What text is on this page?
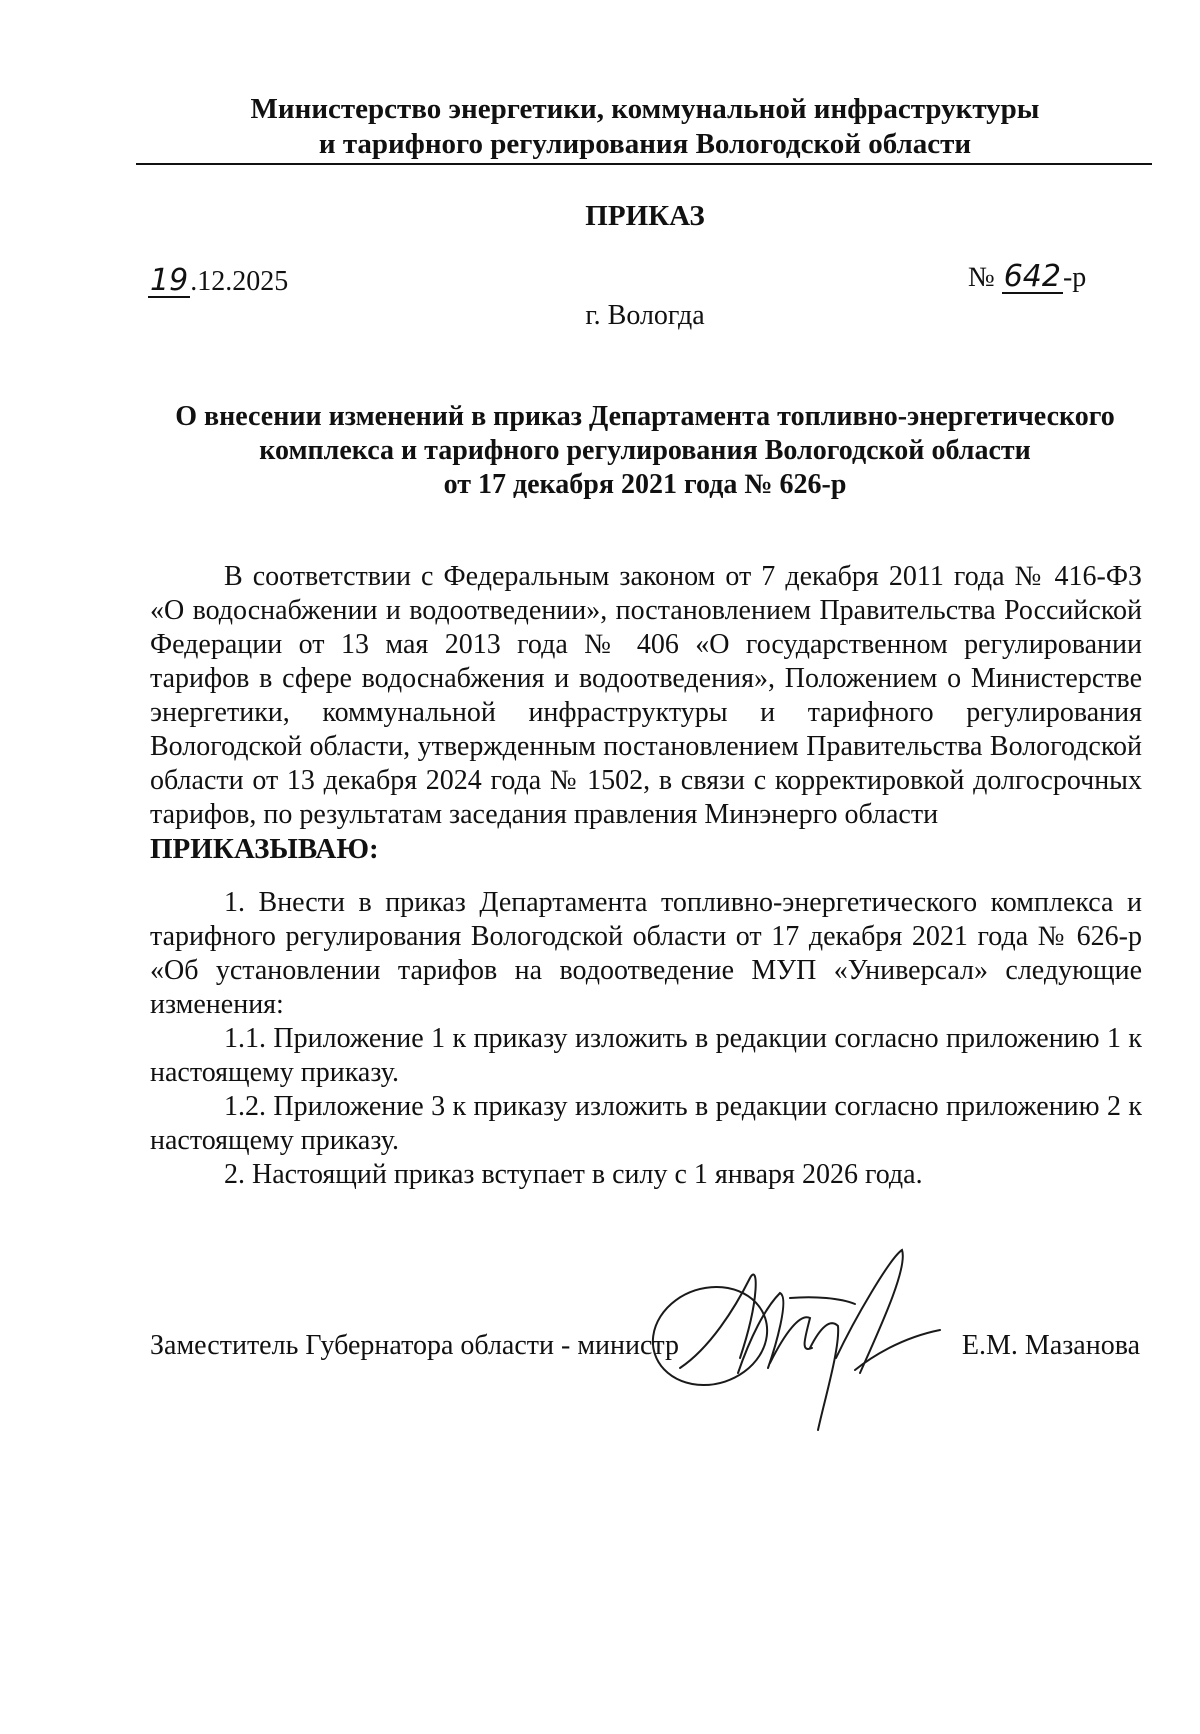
Министерство энергетики, коммунальной инфраструктуры
и тарифного регулирования Вологодской области
ПРИКАЗ
19.12.2025	№ 642-р
г. Вологда
О внесении изменений в приказ Департамента топливно-энергетического
комплекса и тарифного регулирования Вологодской области
от 17 декабря 2021 года № 626-р

В соответствии с Федеральным законом от 7 декабря 2011 года № 416-ФЗ «О водоснабжении и водоотведении», постановлением Правительства Российской Федерации от 13 мая 2013 года № 406 «О государственном регулировании тарифов в сфере водоснабжения и водоотведения», Положением о Министерстве энергетики, коммунальной инфраструктуры и тарифного регулирования Вологодской области, утвержденным постановлением Правительства Вологодской области от 13 декабря 2024 года № 1502, в связи с корректировкой долгосрочных тарифов, по результатам заседания правления Минэнерго области

ПРИКАЗЫВАЮ:

1. Внести в приказ Департамента топливно-энергетического комплекса и тарифного регулирования Вологодской области от 17 декабря 2021 года № 626-р «Об установлении тарифов на водоотведение МУП «Универсал» следующие изменения:

1.1. Приложение 1 к приказу изложить в редакции согласно приложению 1 к настоящему приказу.

1.2. Приложение 3 к приказу изложить в редакции согласно приложению 2 к настоящему приказу.

2. Настоящий приказ вступает в силу с 1 января 2026 года.

Заместитель Губернатора области - министр	Е.М. Мазанова
